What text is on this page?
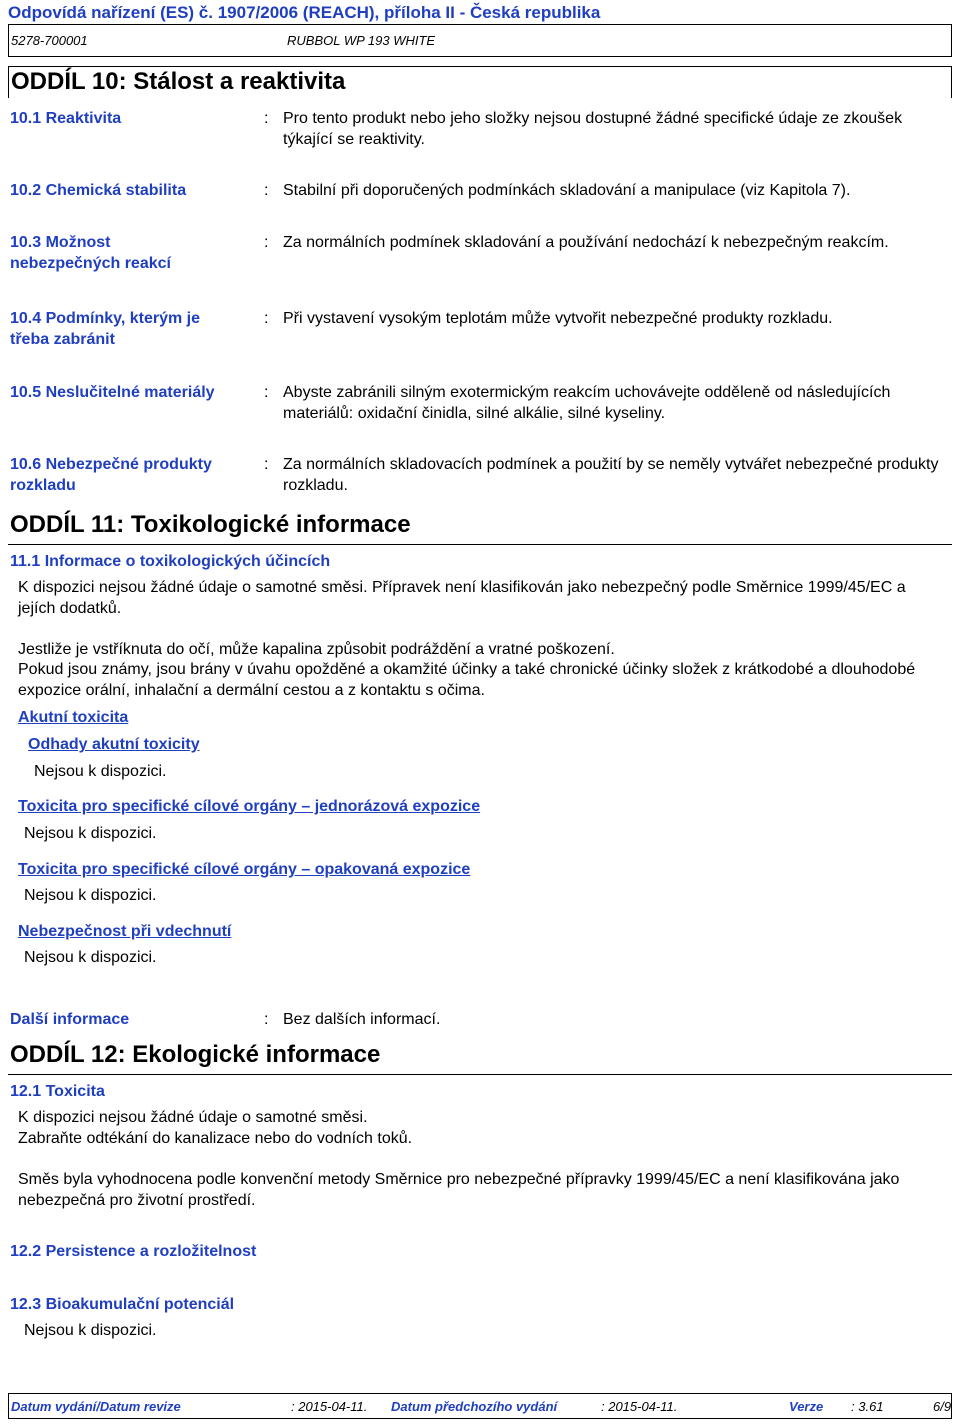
Odpovídá nařízení (ES) č. 1907/2006 (REACH), příloha II - Česká republika
5278-700001	RUBBOL WP 193 WHITE
ODDÍL 10: Stálost a reaktivita
10.1 Reaktivita	: Pro tento produkt nebo jeho složky nejsou dostupné žádné specifické údaje ze zkoušek týkající se reaktivity.
10.2 Chemická stabilita	: Stabilní při doporučených podmínkách skladování a manipulace (viz Kapitola 7).
10.3 Možnost nebezpečných reakcí
: Za normálních podmínek skladování a používání nedochází k nebezpečným reakcím.
10.4 Podmínky, kterým je třeba zabránit
: Při vystavení vysokým teplotám může vytvořit nebezpečné produkty rozkladu.
10.5 Neslučitelné materiály	: Abyste zabránili silným exotermickým reakcím uchovávejte odděleně od následujících materiálů: oxidační činidla, silné alkálie, silné kyseliny.
10.6 Nebezpečné produkty rozkladu
: Za normálních skladovacích podmínek a použití by se neměly vytvářet nebezpečné produkty rozkladu.
ODDÍL 11: Toxikologické informace
11.1 Informace o toxikologických účincích
K dispozici nejsou žádné údaje o samotné směsi. Přípravek není klasifikován jako nebezpečný podle Směrnice 1999/45/EC a jejích dodatků.
Jestliže je vstříknuta do očí, může kapalina způsobit podráždění a vratné poškození.
Pokud jsou známy, jsou brány v úvahu opožděné a okamžité účinky a také chronické účinky složek z krátkodobé a dlouhodobé expozice orální, inhalační a dermální cestou a z kontaktu s očima.
Akutní toxicita
Odhady akutní toxicity
Nejsou k dispozici.
Toxicita pro specifické cílové orgány – jednorázová expozice
Nejsou k dispozici.
Toxicita pro specifické cílové orgány – opakovaná expozice
Nejsou k dispozici.
Nebezpečnost při vdechnutí
Nejsou k dispozici.
Další informace	: Bez dalších informací.
ODDÍL 12: Ekologické informace
12.1 Toxicita
K dispozici nejsou žádné údaje o samotné směsi.
Zabraňte odtékání do kanalizace nebo do vodních toků.
Směs byla vyhodnocena podle konvenční metody Směrnice pro nebezpečné přípravky 1999/45/EC a není klasifikována jako nebezpečná pro životní prostředí.
12.2 Persistence a rozložitelnost
12.3 Bioakumulační potenciál
Nejsou k dispozici.
Datum vydání/Datum revize	: 2015-04-11. Datum předchozího vydání	: 2015-04-11.	Verze : 3.61	6/9
